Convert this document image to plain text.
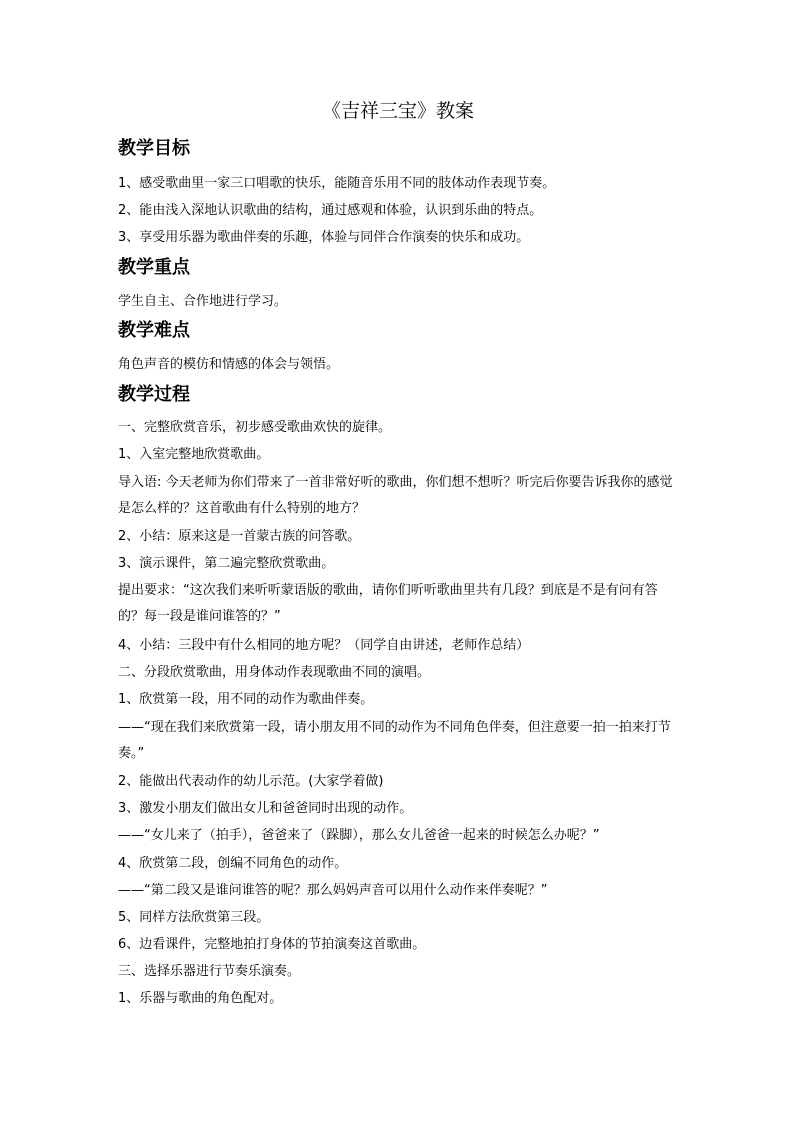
《吉祥三宝》教案
教学目标
1、感受歌曲里一家三口唱歌的快乐，能随音乐用不同的肢体动作表现节奏。
2、能由浅入深地认识歌曲的结构，通过感观和体验，认识到乐曲的特点。
3、享受用乐器为歌曲伴奏的乐趣，体验与同伴合作演奏的快乐和成功。
教学重点
学生自主、合作地进行学习。
教学难点
角色声音的模仿和情感的体会与领悟。
教学过程
一、完整欣赏音乐，初步感受歌曲欢快的旋律。
1、入室完整地欣赏歌曲。
导入语: 今天老师为你们带来了一首非常好听的歌曲，你们想不想听？听完后你要告诉我你的感觉是怎么样的？这首歌曲有什么特别的地方？
2、小结：原来这是一首蒙古族的问答歌。
3、演示课件，第二遍完整欣赏歌曲。
提出要求：“这次我们来听听蒙语版的歌曲，请你们听听歌曲里共有几段？到底是不是有问有答的？每一段是谁问谁答的？”
4、小结：三段中有什么相同的地方呢？（同学自由讲述，老师作总结）
二、分段欣赏歌曲，用身体动作表现歌曲不同的演唱。
1、欣赏第一段，用不同的动作为歌曲伴奏。
——“现在我们来欣赏第一段，请小朋友用不同的动作为不同角色伴奏，但注意要一拍一拍来打节奏。”
2、能做出代表动作的幼儿示范。(大家学着做)
3、激发小朋友们做出女儿和爸爸同时出现的动作。
——“女儿来了（拍手），爸爸来了（跺脚），那么女儿爸爸一起来的时候怎么办呢？”
4、欣赏第二段，创编不同角色的动作。
——“第二段又是谁问谁答的呢？那么妈妈声音可以用什么动作来伴奏呢？”
5、同样方法欣赏第三段。
6、边看课件，完整地拍打身体的节拍演奏这首歌曲。
三、选择乐器进行节奏乐演奏。
1、乐器与歌曲的角色配对。
